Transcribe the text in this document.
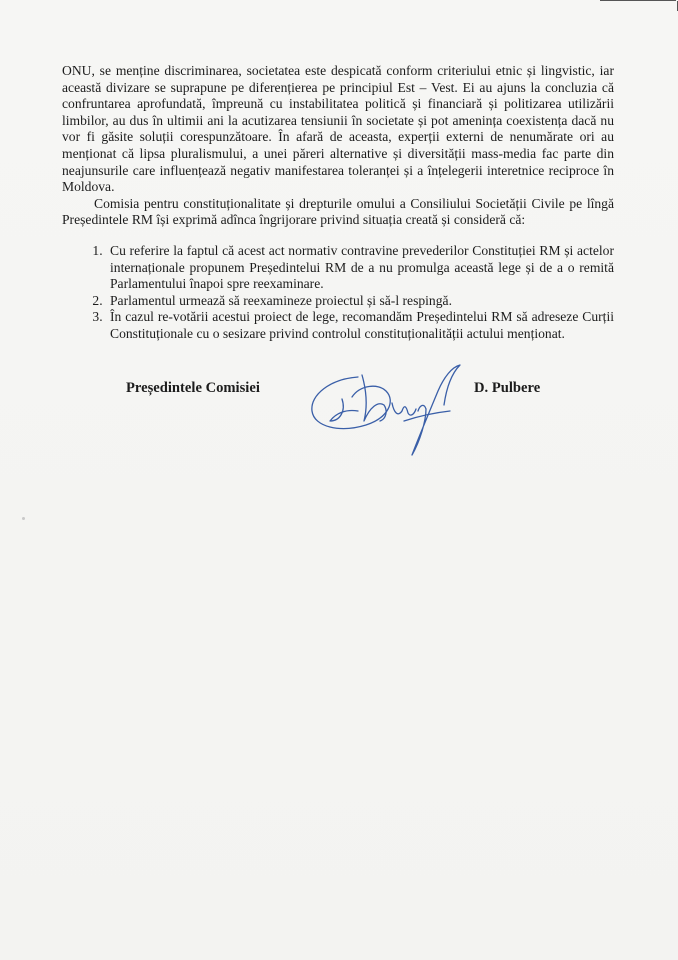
ONU, se menține discriminarea, societatea este despicată conform criteriului etnic și lingvistic, iar această divizare se suprapune pe diferențierea pe principiul Est – Vest. Ei au ajuns la concluzia că confruntarea aprofundată, împreună cu instabilitatea politică și financiară și politizarea utilizării limbilor, au dus în ultimii ani la acutizarea tensiunii în societate și pot amenința coexistența dacă nu vor fi găsite soluții corespunzătoare. În afară de aceasta, experții externi de nenumărate ori au menționat că lipsa pluralismului, a unei păreri alternative și diversității mass-media fac parte din neajunsurile care influențează negativ manifestarea toleranței și a înțelegerii interetnice reciproce în Moldova.

Comisia pentru constituționalitate și drepturile omului a Consiliului Societății Civile pe lîngă Președintele RM își exprimă adînca îngrijorare privind situația creată și consideră că:

1. Cu referire la faptul că acest act normativ contravine prevederilor Constituției RM și actelor internaționale propunem Președintelui RM de a nu promulga această lege și de a o remită Parlamentului înapoi spre reexaminare.
2. Parlamentul urmează să reexamineze proiectul și să-l respingă.
3. În cazul re-votării acestui proiect de lege, recomandăm Președintelui RM să adreseze Curții Constituționale cu o sesizare privind controlul constituționalității actului menționat.
Președintele Comisiei	D. Pulbere
